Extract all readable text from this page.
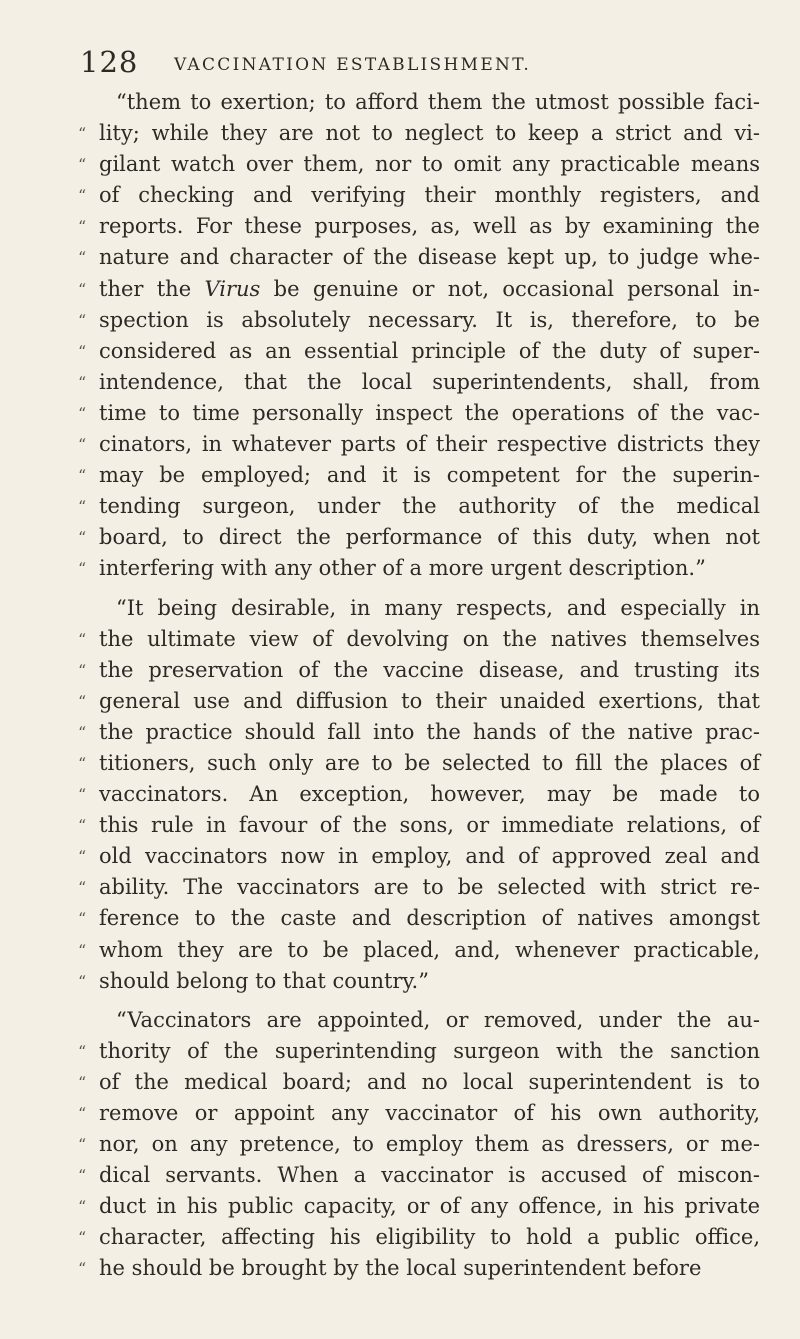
128 VACCINATION ESTABLISHMENT.
“them to exertion; to afford them the utmost possible faci-
“ lity; while they are not to neglect to keep a strict and vi-
“ gilant watch over them, nor to omit any practicable means
“ of checking and verifying their monthly registers, and
“ reports. For these purposes, as, well as by examining the
“ nature and character of the disease kept up, to judge whe-
“ ther the Virus be genuine or not, occasional personal in-
“ spection is absolutely necessary. It is, therefore, to be
“ considered as an essential principle of the duty of super-
“ intendence, that the local superintendents, shall, from
“ time to time personally inspect the operations of the vac-
“ cinators, in whatever parts of their respective districts they
“ may be employed; and it is competent for the superin-
“ tending surgeon, under the authority of the medical
“ board, to direct the performance of this duty, when not
“ interfering with any other of a more urgent description.”
“It being desirable, in many respects, and especially in
“ the ultimate view of devolving on the natives themselves
“ the preservation of the vaccine disease, and trusting its
“ general use and diffusion to their unaided exertions, that
“ the practice should fall into the hands of the native prac-
“ titioners, such only are to be selected to fill the places of
“ vaccinators. An exception, however, may be made to
“ this rule in favour of the sons, or immediate relations, of
“ old vaccinators now in employ, and of approved zeal and
“ ability. The vaccinators are to be selected with strict re-
“ ference to the caste and description of natives amongst
“ whom they are to be placed, and, whenever practicable,
“ should belong to that country.”
“Vaccinators are appointed, or removed, under the au-
“ thority of the superintending surgeon with the sanction
“ of the medical board; and no local superintendent is to
“ remove or appoint any vaccinator of his own authority,
“ nor, on any pretence, to employ them as dressers, or me-
“ dical servants. When a vaccinator is accused of miscon-
“ duct in his public capacity, or of any offence, in his private
“ character, affecting his eligibility to hold a public office,
“ he should be brought by the local superintendent before
